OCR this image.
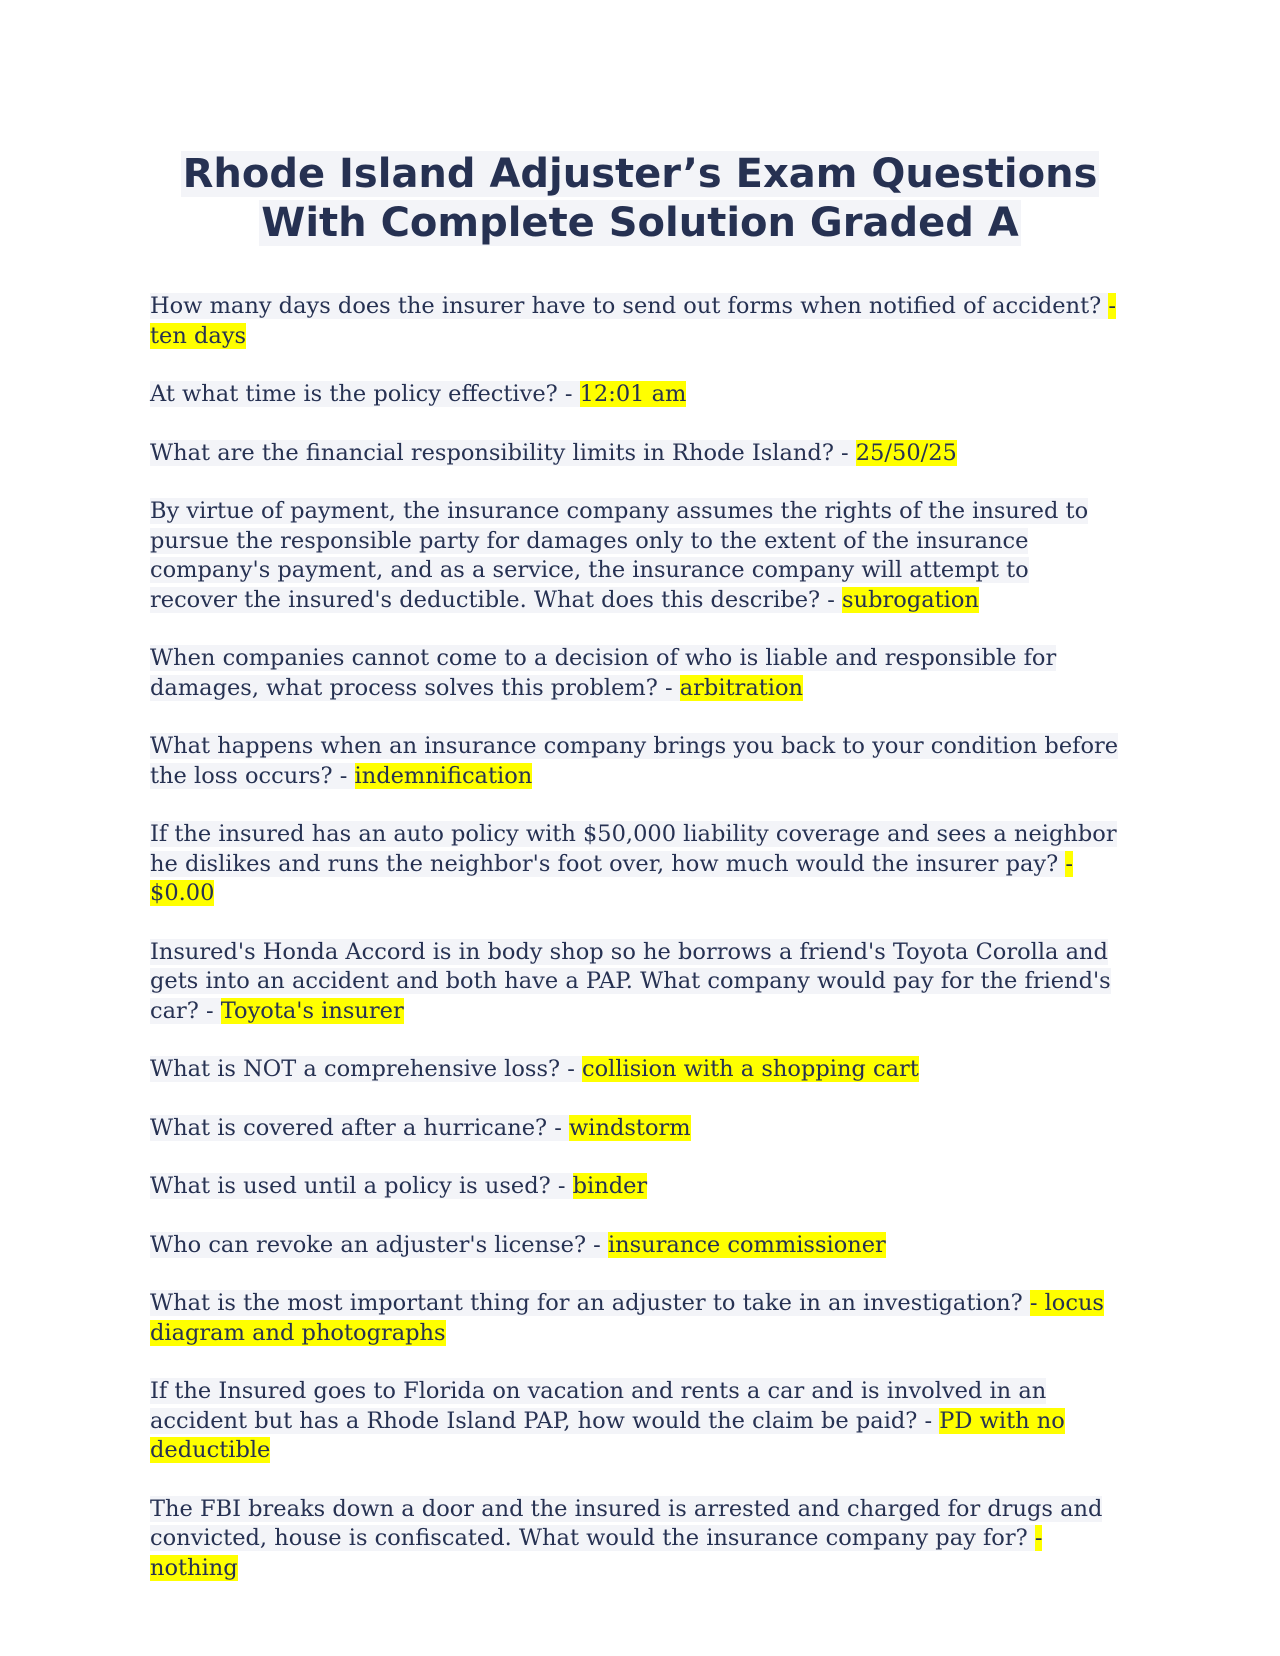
Rhode Island Adjuster’s Exam Questions
With Complete Solution Graded A

How many days does the insurer have to send out forms when notified of accident? - ten days

At what time is the policy effective? - 12:01 am

What are the financial responsibility limits in Rhode Island? - 25/50/25

By virtue of payment, the insurance company assumes the rights of the insured to pursue the responsible party for damages only to the extent of the insurance company's payment, and as a service, the insurance company will attempt to recover the insured's deductible. What does this describe? - subrogation

When companies cannot come to a decision of who is liable and responsible for damages, what process solves this problem? - arbitration

What happens when an insurance company brings you back to your condition before the loss occurs? - indemnification

If the insured has an auto policy with $50,000 liability coverage and sees a neighbor he dislikes and runs the neighbor's foot over, how much would the insurer pay? - $0.00

Insured's Honda Accord is in body shop so he borrows a friend's Toyota Corolla and gets into an accident and both have a PAP. What company would pay for the friend's car? - Toyota's insurer

What is NOT a comprehensive loss? - collision with a shopping cart

What is covered after a hurricane? - windstorm

What is used until a policy is used? - binder

Who can revoke an adjuster's license? - insurance commissioner

What is the most important thing for an adjuster to take in an investigation? - locus diagram and photographs

If the Insured goes to Florida on vacation and rents a car and is involved in an accident but has a Rhode Island PAP, how would the claim be paid? - PD with no deductible

The FBI breaks down a door and the insured is arrested and charged for drugs and convicted, house is confiscated. What would the insurance company pay for? - nothing
